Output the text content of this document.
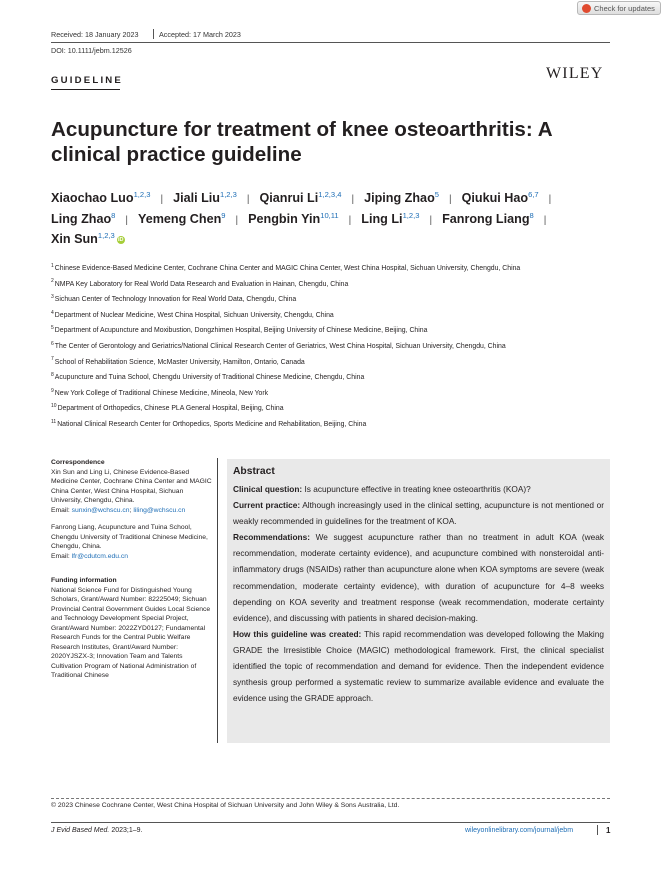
Check for updates
Received: 18 January 2023	Accepted: 17 March 2023
DOI: 10.1111/jebm.12526
GUIDELINE	WILEY
Acupuncture for treatment of knee osteoarthritis: A clinical practice guideline
Xiaochao Luo$^{1,2,3}$ | Jiali Liu$^{1,2,3}$ | Qianrui Li$^{1,2,3,4}$ | Jiping Zhao$^5$ | Qiukui Hao$^{6,7}$ |
Ling Zhao$^8$ | Yemeng Chen$^9$ | Pengbin Yin$^{10,11}$ | Ling Li$^{1,2,3}$ | Fanrong Liang$^8$ |
Xin Sun$^{1,2,3}$ iD
$^1$Chinese Evidence-Based Medicine Center, Cochrane China Center and MAGIC China Center, West China Hospital, Sichuan University, Chengdu, China
$^2$NMPA Key Laboratory for Real World Data Research and Evaluation in Hainan, Chengdu, China
$^3$Sichuan Center of Technology Innovation for Real World Data, Chengdu, China
$^4$Department of Nuclear Medicine, West China Hospital, Sichuan University, Chengdu, China
$^5$Department of Acupuncture and Moxibustion, Dongzhimen Hospital, Beijing University of Chinese Medicine, Beijing, China
$^6$The Center of Gerontology and Geriatrics/National Clinical Research Center of Geriatrics, West China Hospital, Sichuan University, Chengdu, China
$^7$School of Rehabilitation Science, McMaster University, Hamilton, Ontario, Canada
$^8$Acupuncture and Tuina School, Chengdu University of Traditional Chinese Medicine, Chengdu, China
$^9$New York College of Traditional Chinese Medicine, Mineola, New York
$^{10}$Department of Orthopedics, Chinese PLA General Hospital, Beijing, China
$^{11}$National Clinical Research Center for Orthopedics, Sports Medicine and Rehabilitation, Beijing, China
Correspondence
Xin Sun and Ling Li, Chinese Evidence-Based Medicine Center, Cochrane China Center and MAGIC China Center, West China Hospital, Sichuan University, Chengdu, China.
Email: sunxin@wchscu.cn; liling@wchscu.cn
Fanrong Liang, Acupuncture and Tuina School, Chengdu University of Traditional Chinese Medicine, Chengdu, China.
Email: lfr@cdutcm.edu.cn
Funding information
National Science Fund for Distinguished Young Scholars, Grant/Award Number: 82225049; Sichuan Provincial Central Government Guides Local Science and Technology Development Special Project, Grant/Award Number: 2022ZYD0127; Fundamental Research Funds for the Central Public Welfare Research Institutes, Grant/Award Number: 2020YJSZX-3; Innovation Team and Talents Cultivation Program of National Administration of Traditional Chinese
Abstract

Clinical question: Is acupuncture effective in treating knee osteoarthritis (KOA)?

Current practice: Although increasingly used in the clinical setting, acupuncture is not mentioned or weakly recommended in guidelines for the treatment of KOA.

Recommendations: We suggest acupuncture rather than no treatment in adult KOA (weak recommendation, moderate certainty evidence), and acupuncture combined with nonsteroidal anti-inflammatory drugs (NSAIDs) rather than acupuncture alone when KOA symptoms are severe (weak recommendation, moderate certainty evidence), with duration of acupuncture for 4–8 weeks depending on KOA severity and treatment response (weak recommendation, moderate certainty evidence), and discussing with patients in shared decision-making.

How this guideline was created: This rapid recommendation was developed following the Making GRADE the Irresistible Choice (MAGIC) methodological framework. First, the clinical specialist identified the topic of recommendation and demand for evidence. Then the independent evidence synthesis group performed a systematic review to summarize available evidence and evaluate the evidence using the GRADE approach.

© 2023 Chinese Cochrane Center, West China Hospital of Sichuan University and John Wiley & Sons Australia, Ltd.
J Evid Based Med. 2023;1–9.	wileyonlinelibrary.com/journal/jebm	1
